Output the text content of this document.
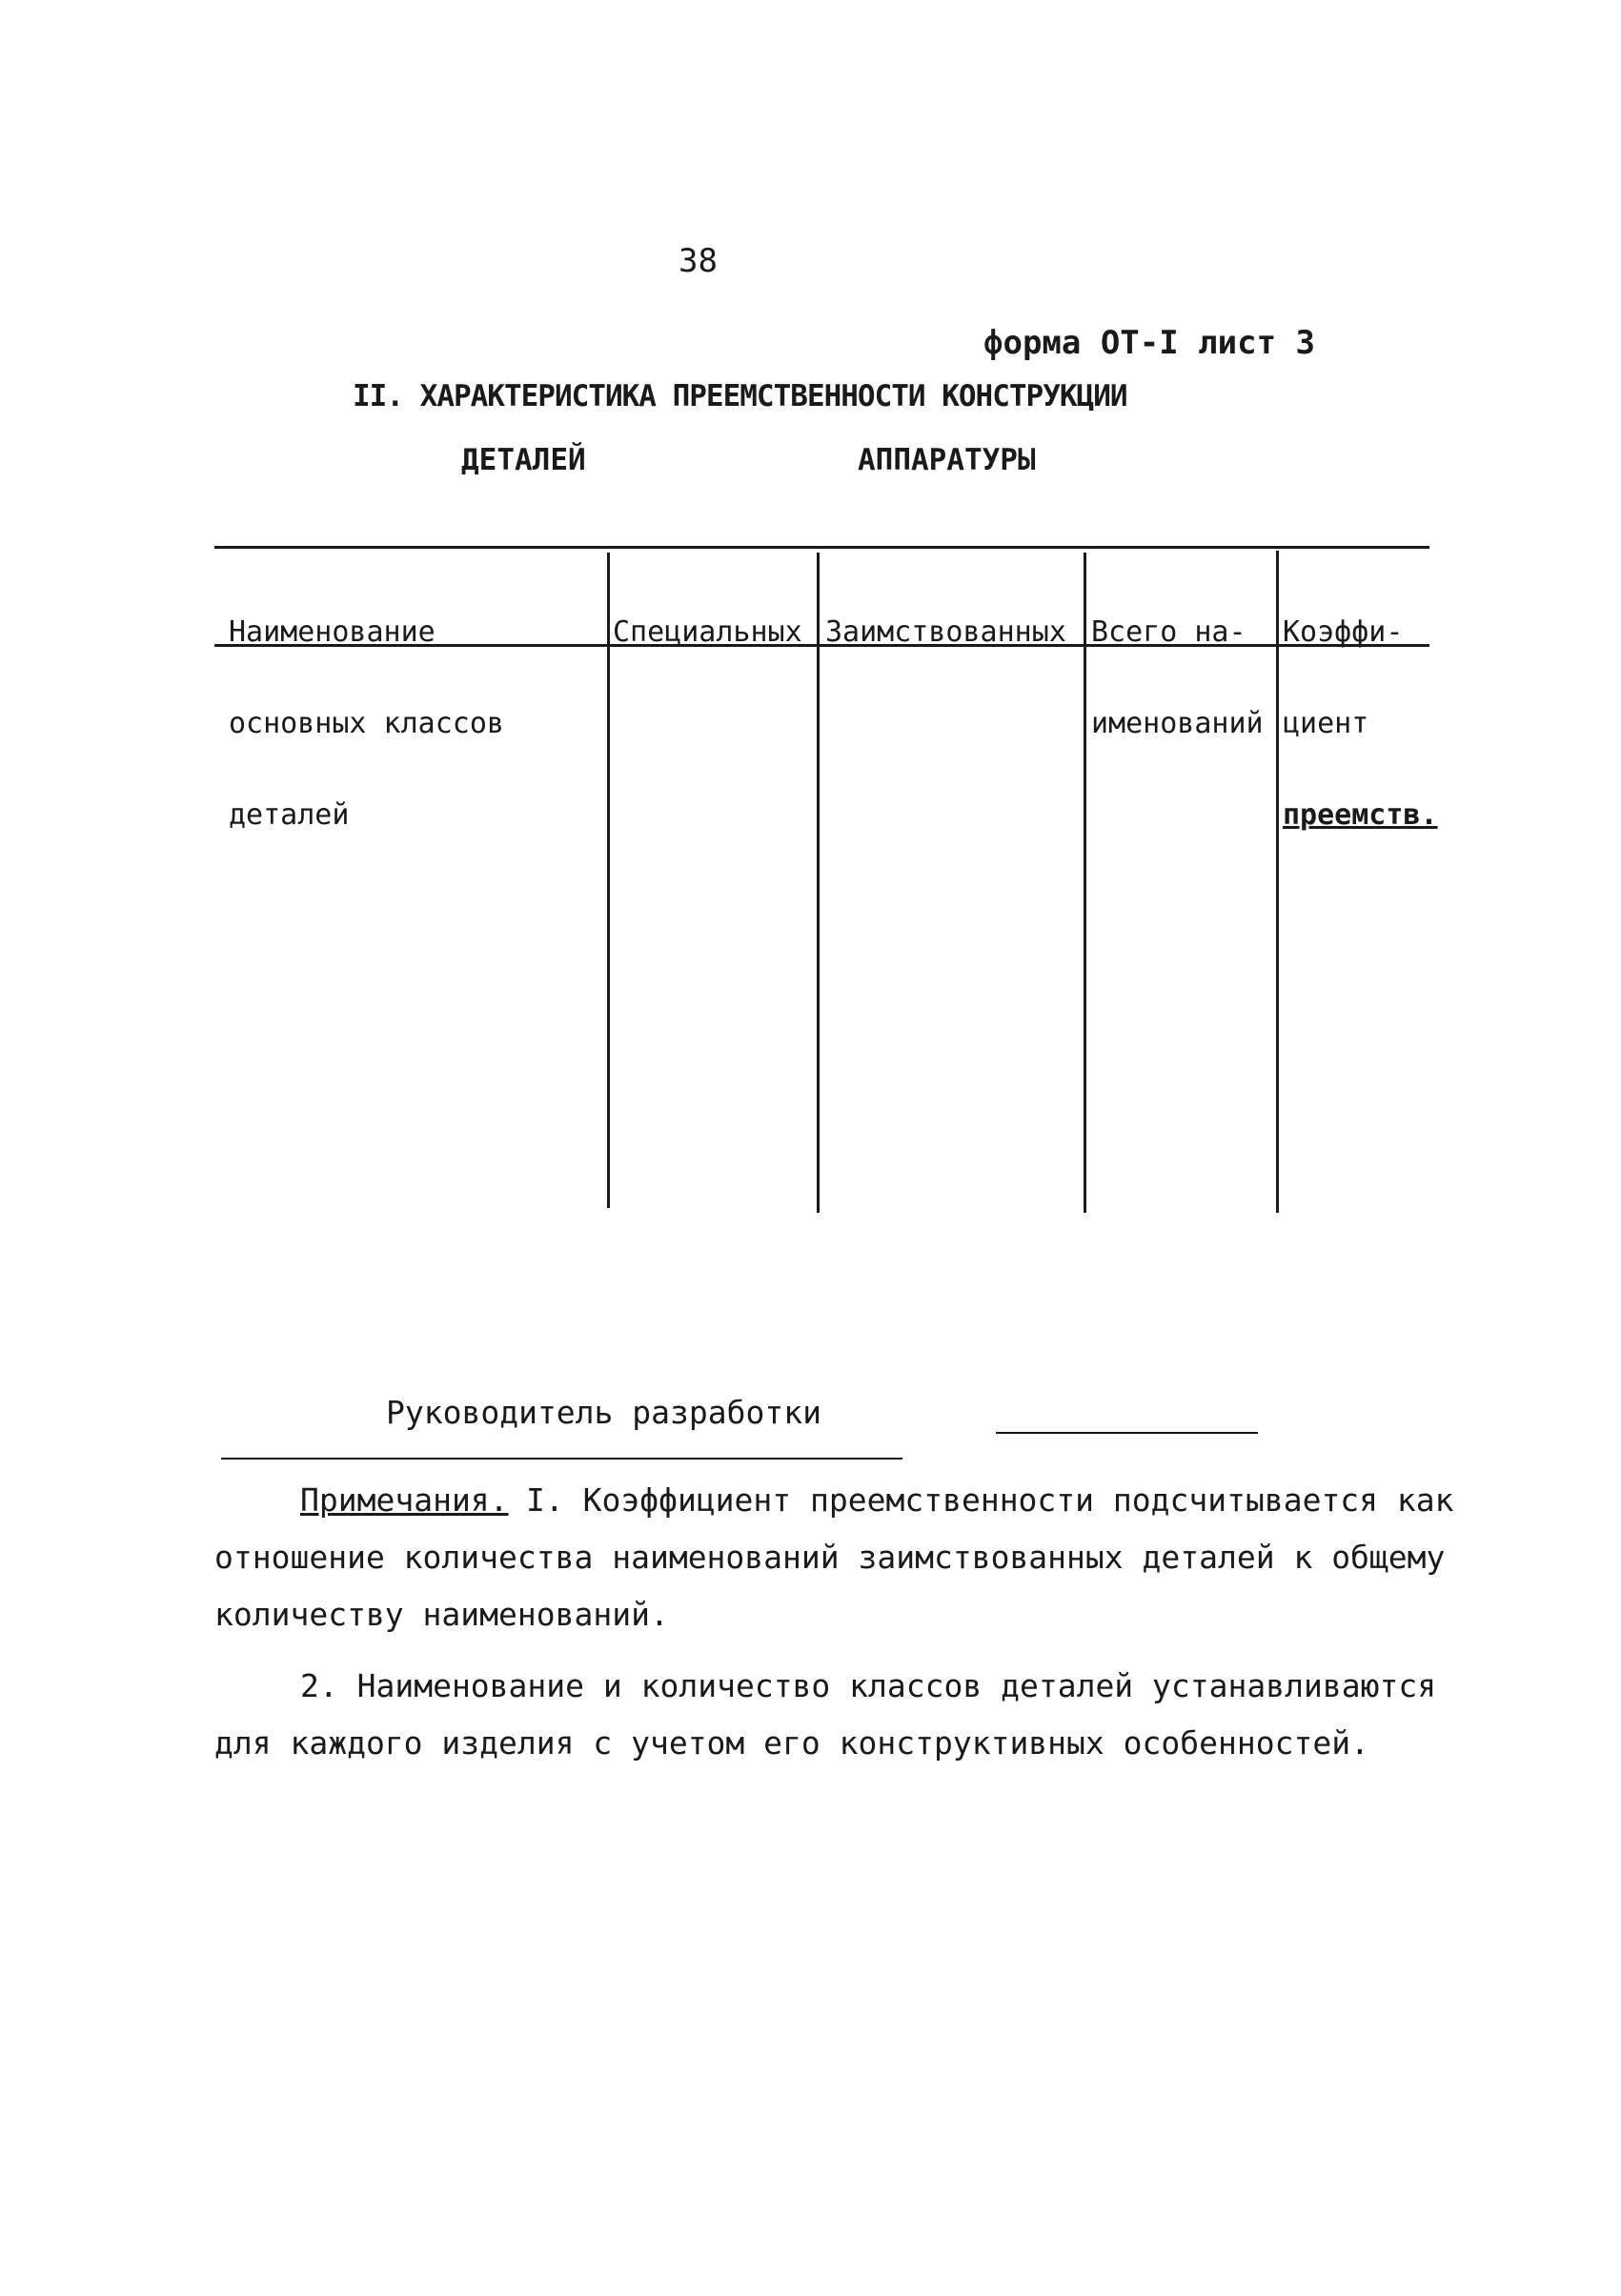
38
форма ОТ-I лист 3
II. ХАРАКТЕРИСТИКА ПРЕЕМСТВЕННОСТИ КОНСТРУКЦИИ
ДЕТАЛЕЙ	АППАРАТУРЫ

Наименование

основных классов

деталей

Специальных

Заимствованных

Всего на-

именований

Коэффи-

циент

преемств.

Руководитель разработки
Примечания. I. Коэффициент преемственности подсчитывается как
отношение количества наименований заимствованных деталей к общему
количеству наименований.
2. Наименование и количество классов деталей устанавливаются
для каждого изделия с учетом его конструктивных особенностей.
